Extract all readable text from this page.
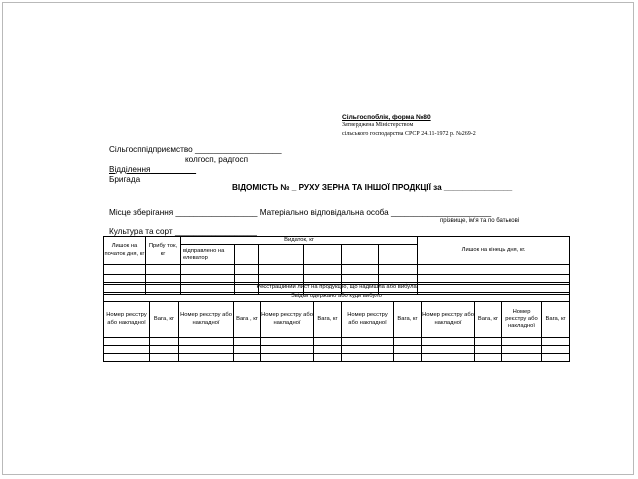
Сільгоспоблік, форма №80
Затверджена Міністерством
сільського господарства СРСР 24.11-1972 р. №269-2
Сільгосппідприємство ___________________
колгосп, радгосп
Відділення__________
Бригада
ВІДОМІСТЬ № _ РУХУ ЗЕРНА ТА ІНШОЇ ПРОДКЦІЇ за _______________
Місце зберігання __________________ Матеріально відповідальна особа ______________________
прізвище, ім'я та по батькові
Культура та сорт __________________
Лишок на початок дня, кг	Прибу ток, кг	Видаток, кг						Лишок на кінець дня, кг.
		відправлено на елеватор						

Реєстраційний лист на продукцію, що надійшла або вибула											
Звідки одержано або куди вибуло											
Номер реєстру або накладної	Вага, кг	Номер реєстру або накладної	Вага , кг	Номер реєстру або накладної	Вага, кг	Номер реєстру або накладної	Вага, кг	Номер реєстру або накладної	Вага, кг	Номер реєстру або накладної	Вага, кг
